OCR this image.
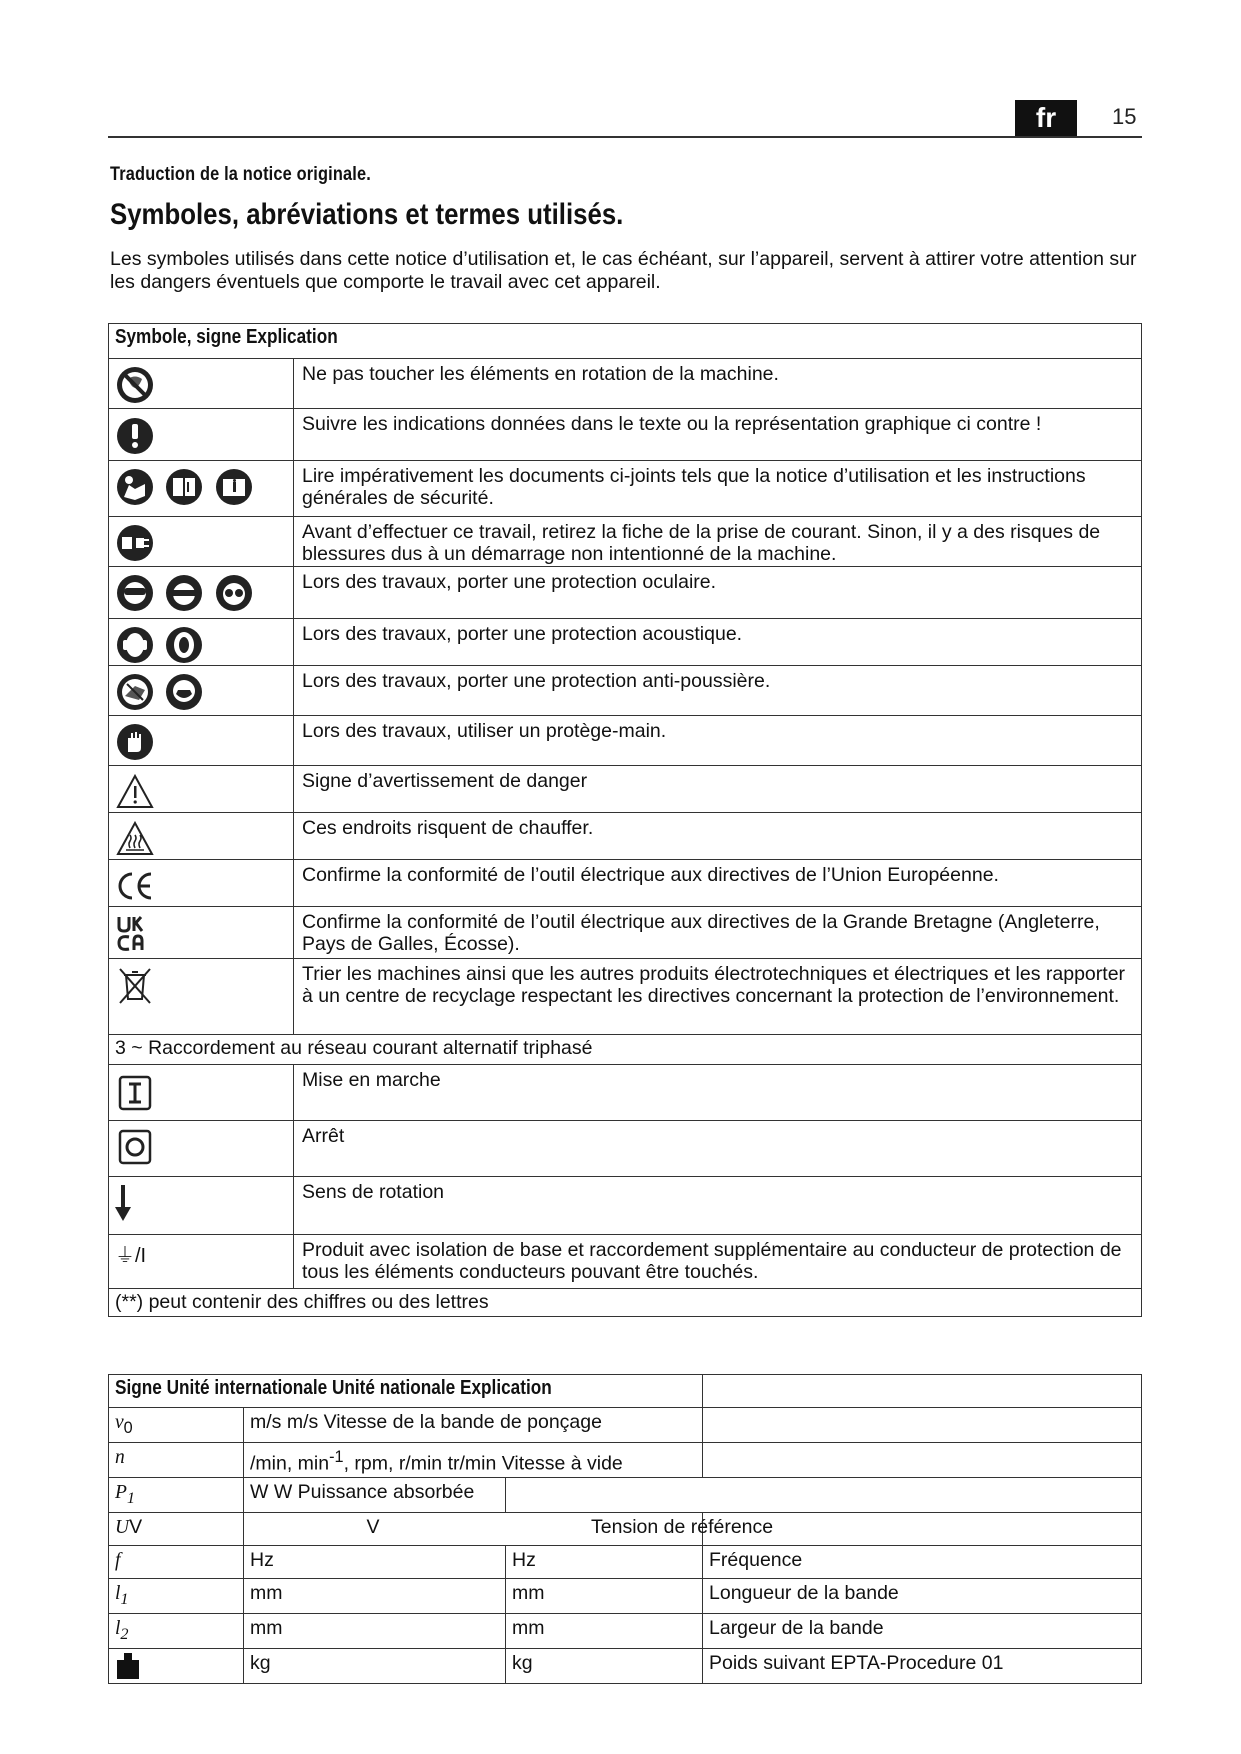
fr	15
Traduction de la notice originale.
Symboles, abréviations et termes utilisés.
Les symboles utilisés dans cette notice d’utilisation et, le cas échéant, sur l’appareil, servent à attirer votre attention sur les dangers éventuels que comporte le travail avec cet appareil.
Symbole, signe Explication	

	Ne pas toucher les éléments en rotation de la machine.

	Suivre les indications données dans le texte ou la représentation graphique ci contre !

	Lire impérativement les documents ci-joints tels que la notice d’utilisation et les instructions générales de sécurité.

	Avant d’effectuer ce travail, retirez la fiche de la prise de courant. Sinon, il y a des risques de blessures dus à un démarrage non intentionné de la machine.

	Lors des travaux, porter une protection oculaire.

	Lors des travaux, porter une protection acoustique.

	Lors des travaux, porter une protection anti-poussière.

	Lors des travaux, utiliser un protège-main.

	Signe d’avertissement de danger

	Ces endroits risquent de chauffer.

	Confirme la conformité de l’outil électrique aux directives de l’Union Européenne.

	Confirme la conformité de l’outil électrique aux directives de la Grande Bretagne (Angleterre, Pays de Galles, Écosse).

	Trier les machines ainsi que les autres produits électrotechniques et électriques et les rapporter à un centre de recyclage respectant les directives concernant la protection de l’environnement.
3 ~ Raccordement au réseau courant alternatif triphasé	

	Mise en marche

	Arrêt

	Sens de rotation
⏚/I	Produit avec isolation de base et raccordement supplémentaire au conducteur de protection de tous les éléments conducteurs pouvant être touchés.
(**) peut contenir des chiffres ou des lettres	
Signe Unité internationale Unité nationale Explication			
$v_0$	m/s m/s Vitesse de la bande de ponçage		
n	/min, $\min^{-1}$, rpm, r/min tr/min Vitesse à vide		
$P_1$	W W Puissance absorbée		
UV	V		Tension de référence
f	Hz	Hz	Fréquence
$l_1$	mm	mm	Longueur de la bande
$l_2$	mm	mm	Largeur de la bande
	kg	kg	Poids suivant EPTA-Procedure 01
